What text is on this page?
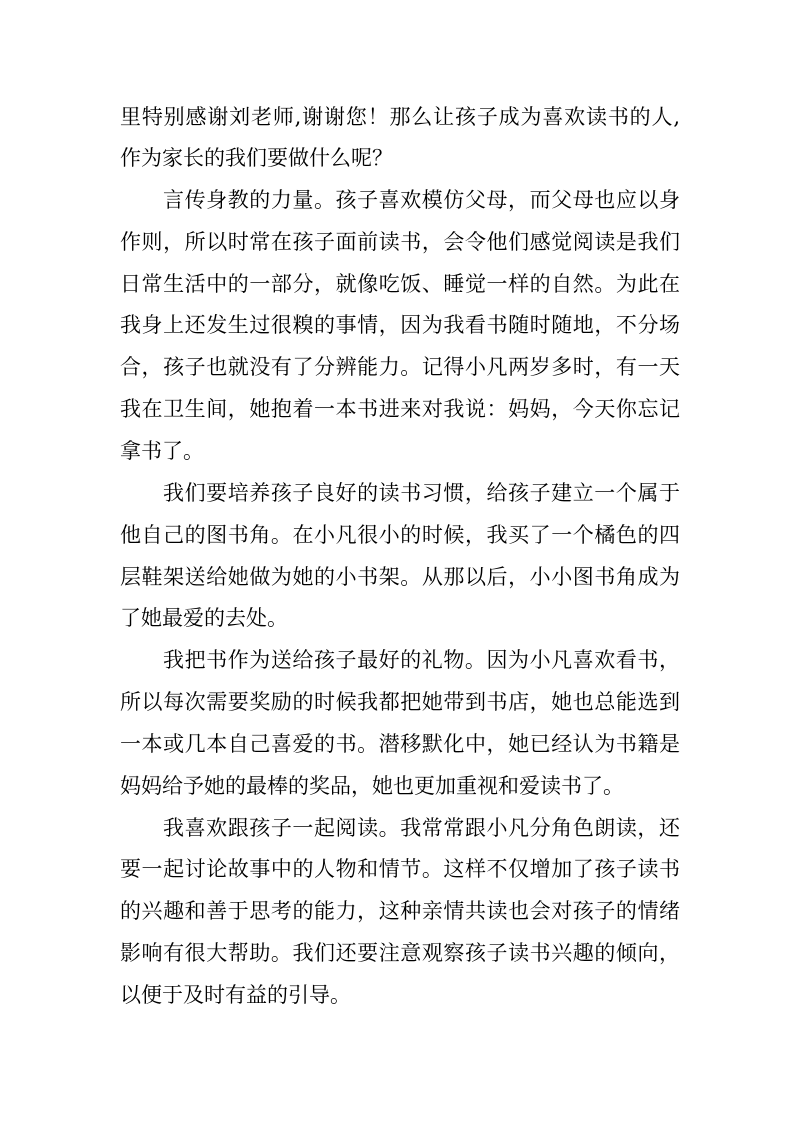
里特别感谢刘老师,谢谢您！那么让孩子成为喜欢读书的人,
作为家长的我们要做什么呢？
言传身教的力量。孩子喜欢模仿父母，而父母也应以身
作则，所以时常在孩子面前读书，会令他们感觉阅读是我们
日常生活中的一部分，就像吃饭、睡觉一样的自然。为此在
我身上还发生过很糗的事情，因为我看书随时随地，不分场
合，孩子也就没有了分辨能力。记得小凡两岁多时，有一天
我在卫生间，她抱着一本书进来对我说：妈妈，今天你忘记
拿书了。
我们要培养孩子良好的读书习惯，给孩子建立一个属于
他自己的图书角。在小凡很小的时候，我买了一个橘色的四
层鞋架送给她做为她的小书架。从那以后，小小图书角成为
了她最爱的去处。
我把书作为送给孩子最好的礼物。因为小凡喜欢看书，
所以每次需要奖励的时候我都把她带到书店，她也总能选到
一本或几本自己喜爱的书。潜移默化中，她已经认为书籍是
妈妈给予她的最棒的奖品，她也更加重视和爱读书了。
我喜欢跟孩子一起阅读。我常常跟小凡分角色朗读，还
要一起讨论故事中的人物和情节。这样不仅增加了孩子读书
的兴趣和善于思考的能力，这种亲情共读也会对孩子的情绪
影响有很大帮助。我们还要注意观察孩子读书兴趣的倾向，
以便于及时有益的引导。
